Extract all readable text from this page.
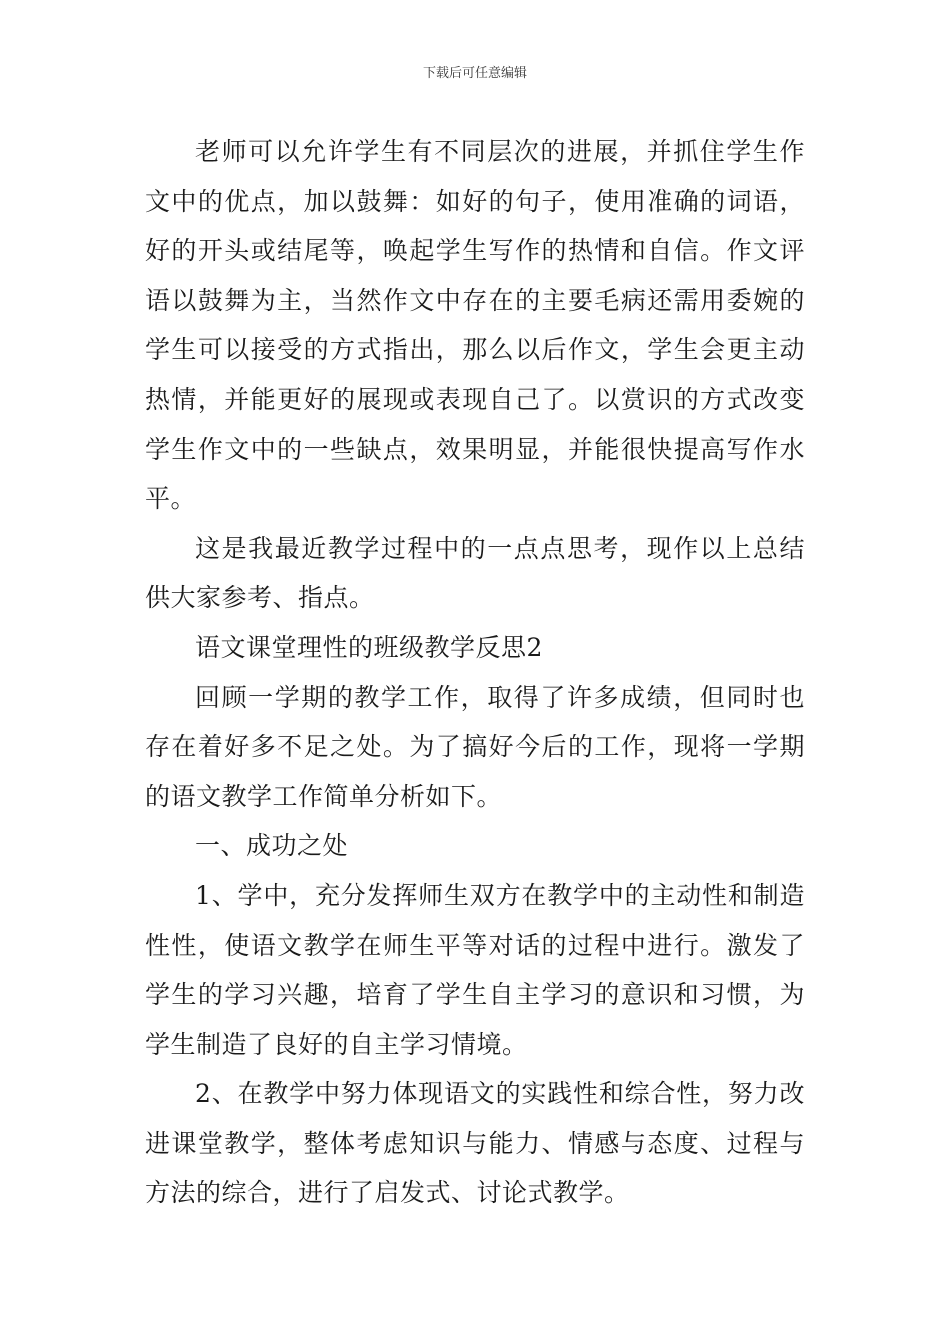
下载后可任意编辑

老师可以允许学生有不同层次的进展，并抓住学生作文中的优点，加以鼓舞：如好的句子，使用准确的词语，好的开头或结尾等，唤起学生写作的热情和自信。作文评语以鼓舞为主，当然作文中存在的主要毛病还需用委婉的学生可以接受的方式指出，那么以后作文，学生会更主动热情，并能更好的展现或表现自己了。以赏识的方式改变学生作文中的一些缺点，效果明显，并能很快提高写作水平。

这是我最近教学过程中的一点点思考，现作以上总结供大家参考、指点。

语文课堂理性的班级教学反思2

回顾一学期的教学工作，取得了许多成绩，但同时也存在着好多不足之处。为了搞好今后的工作，现将一学期的语文教学工作简单分析如下。

一、成功之处

1、学中，充分发挥师生双方在教学中的主动性和制造性性，使语文教学在师生平等对话的过程中进行。激发了学生的学习兴趣，培育了学生自主学习的意识和习惯，为学生制造了良好的自主学习情境。

2、在教学中努力体现语文的实践性和综合性，努力改进课堂教学，整体考虑知识与能力、情感与态度、过程与方法的综合，进行了启发式、讨论式教学。
